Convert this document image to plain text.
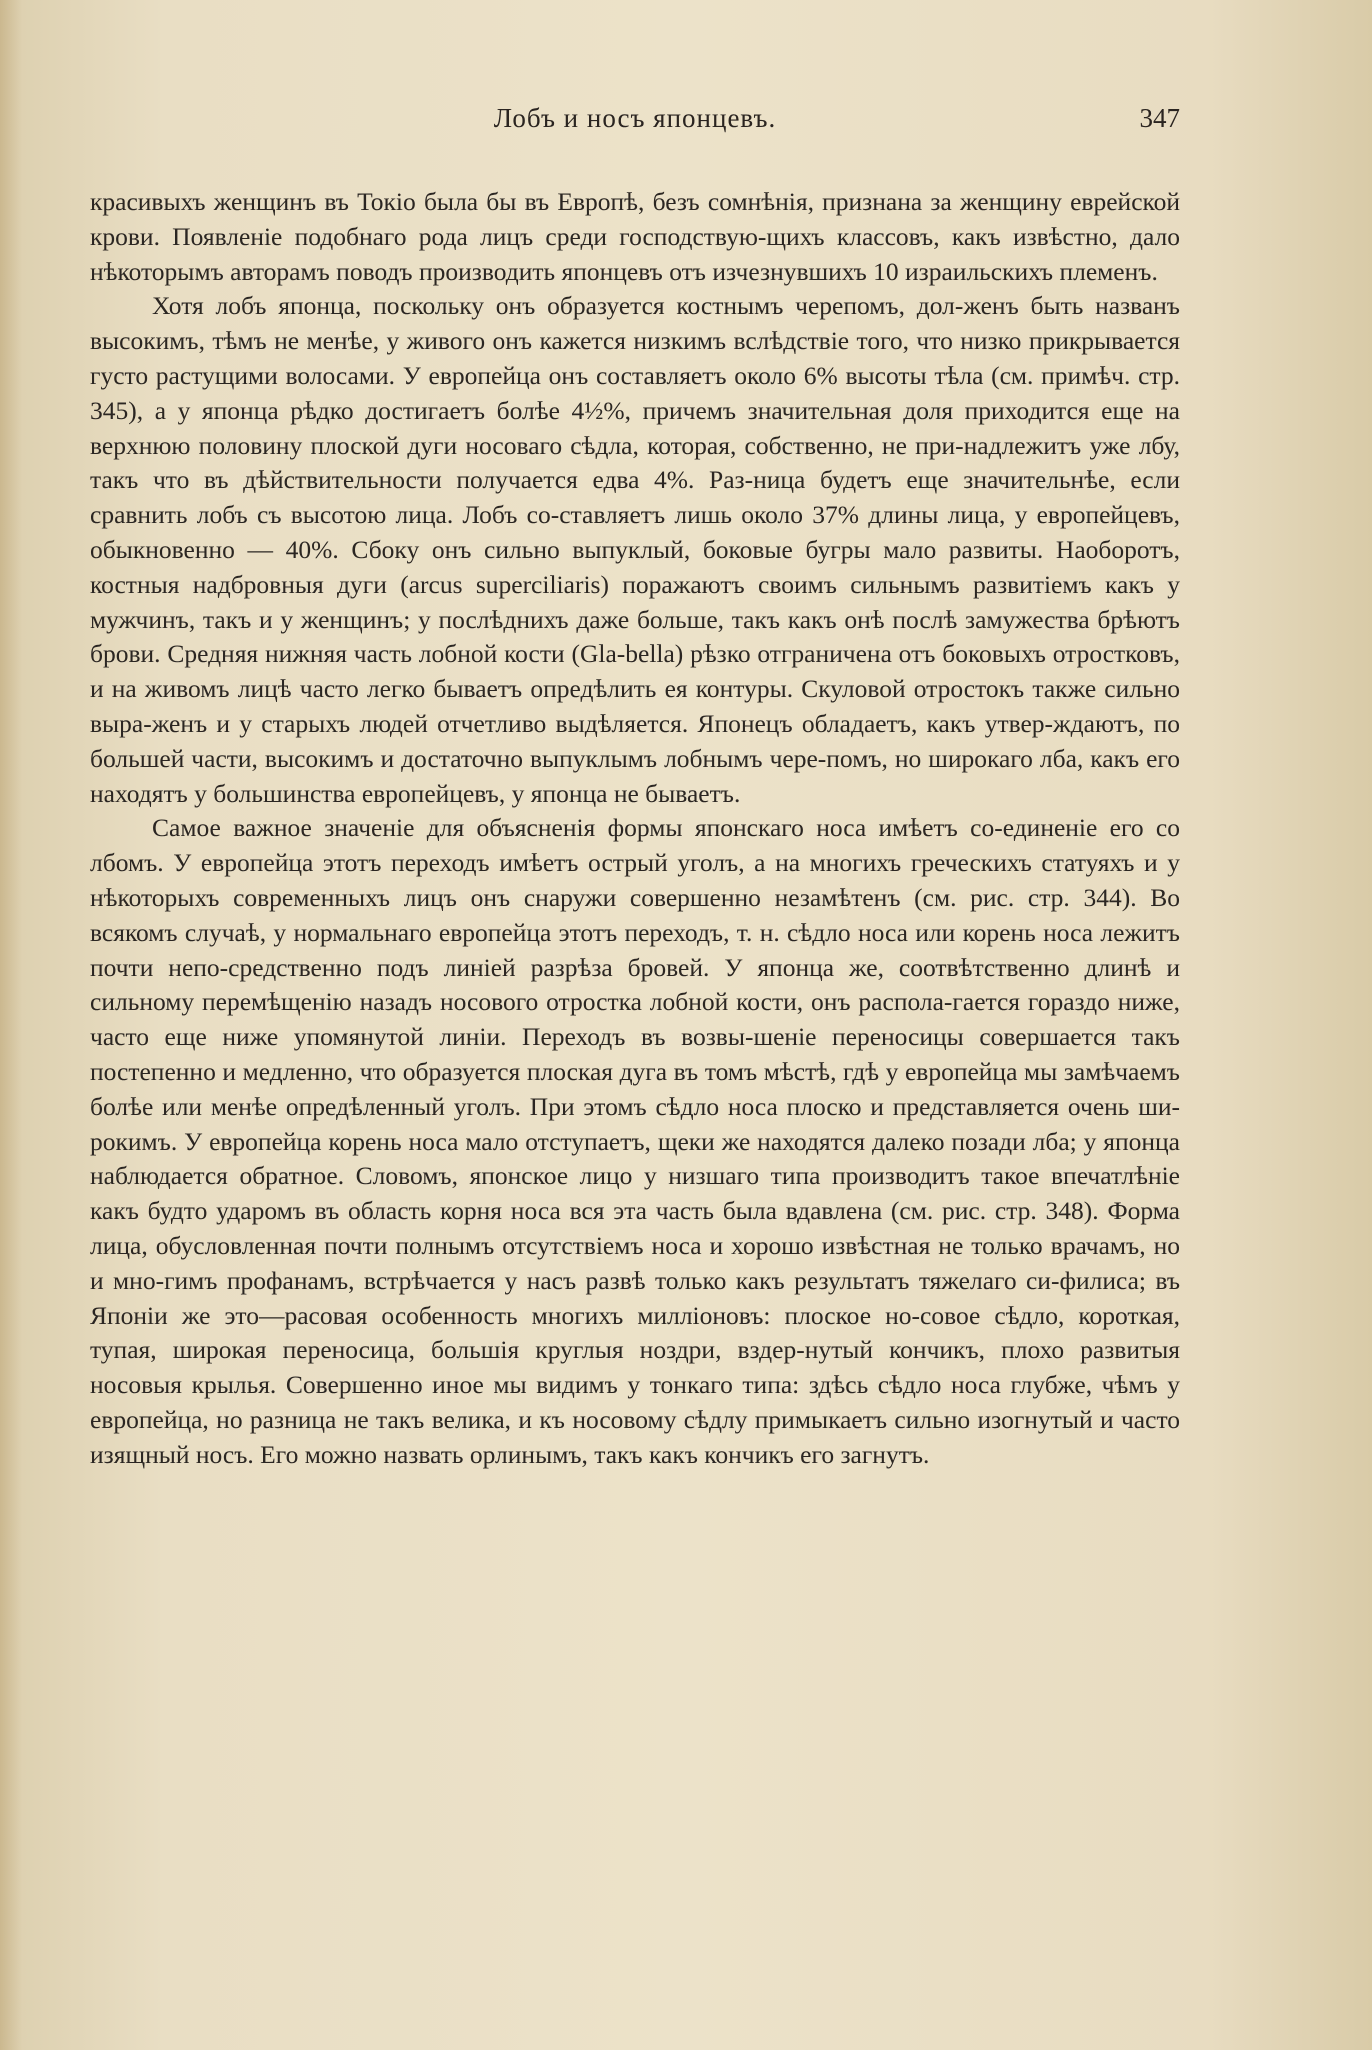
Лобъ и носъ японцевъ.	347

красивыхъ женщинъ въ Токіо была бы въ Европѣ, безъ сомнѣнія, признана за женщину еврейской крови. Появленіе подобнаго рода лицъ среди господствую-щихъ классовъ, какъ извѣстно, дало нѣкоторымъ авторамъ поводъ производить японцевъ отъ изчезнувшихъ 10 израильскихъ племенъ.

Хотя лобъ японца, поскольку онъ образуется костнымъ черепомъ, дол-женъ быть названъ высокимъ, тѣмъ не менѣе, у живого онъ кажется низкимъ вслѣдствіе того, что низко прикрывается густо растущими волосами. У европейца онъ составляетъ около 6% высоты тѣла (см. примѣч. стр. 345), а у японца рѣдко достигаетъ болѣе 4½%, причемъ значительная доля приходится еще на верхнюю половину плоской дуги носоваго сѣдла, которая, собственно, не при-надлежитъ уже лбу, такъ что въ дѣйствительности получается едва 4%. Раз-ница будетъ еще значительнѣе, если сравнить лобъ съ высотою лица. Лобъ со-ставляетъ лишь около 37% длины лица, у европейцевъ, обыкновенно — 40%. Сбоку онъ сильно выпуклый, боковые бугры мало развиты. Наоборотъ, костныя надбровныя дуги (arcus superciliaris) поражаютъ своимъ сильнымъ развитіемъ какъ у мужчинъ, такъ и у женщинъ; у послѣднихъ даже больше, такъ какъ онѣ послѣ замужества брѣютъ брови. Средняя нижняя часть лобной кости (Gla-bella) рѣзко отграничена отъ боковыхъ отростковъ, и на живомъ лицѣ часто легко бываетъ опредѣлить ея контуры. Скуловой отростокъ также сильно выра-женъ и у старыхъ людей отчетливо выдѣляется. Японецъ обладаетъ, какъ утвер-ждаютъ, по большей части, высокимъ и достаточно выпуклымъ лобнымъ чере-помъ, но широкаго лба, какъ его находятъ у большинства европейцевъ, у японца не бываетъ.

Самое важное значеніе для объясненія формы японскаго носа имѣетъ со-единеніе его со лбомъ. У европейца этотъ переходъ имѣетъ острый уголъ, а на многихъ греческихъ статуяхъ и у нѣкоторыхъ современныхъ лицъ онъ снаружи совершенно незамѣтенъ (см. рис. стр. 344). Во всякомъ случаѣ, у нормальнаго европейца этотъ переходъ, т. н. сѣдло носа или корень носа лежитъ почти непо-средственно подъ линіей разрѣза бровей. У японца же, соотвѣтственно длинѣ и сильному перемѣщенію назадъ носового отростка лобной кости, онъ распола-гается гораздо ниже, часто еще ниже упомянутой линіи. Переходъ въ возвы-шеніе переносицы совершается такъ постепенно и медленно, что образуется плоская дуга въ томъ мѣстѣ, гдѣ у европейца мы замѣчаемъ болѣе или менѣе опредѣленный уголъ. При этомъ сѣдло носа плоско и представляется очень ши-рокимъ. У европейца корень носа мало отступаетъ, щеки же находятся далеко позади лба; у японца наблюдается обратное. Словомъ, японское лицо у низшаго типа производитъ такое впечатлѣніе какъ будто ударомъ въ область корня носа вся эта часть была вдавлена (см. рис. стр. 348). Форма лица, обусловленная почти полнымъ отсутствіемъ носа и хорошо извѣстная не только врачамъ, но и мно-гимъ профанамъ, встрѣчается у насъ развѣ только какъ результатъ тяжелаго си-филиса; въ Японіи же это—расовая особенность многихъ милліоновъ: плоское но-совое сѣдло, короткая, тупая, широкая переносица, большія круглыя ноздри, вздер-нутый кончикъ, плохо развитыя носовыя крылья. Совершенно иное мы видимъ у тонкаго типа: здѣсь сѣдло носа глубже, чѣмъ у европейца, но разница не такъ велика, и къ носовому сѣдлу примыкаетъ сильно изогнутый и часто изящный носъ. Его можно назвать орлинымъ, такъ какъ кончикъ его загнутъ.
